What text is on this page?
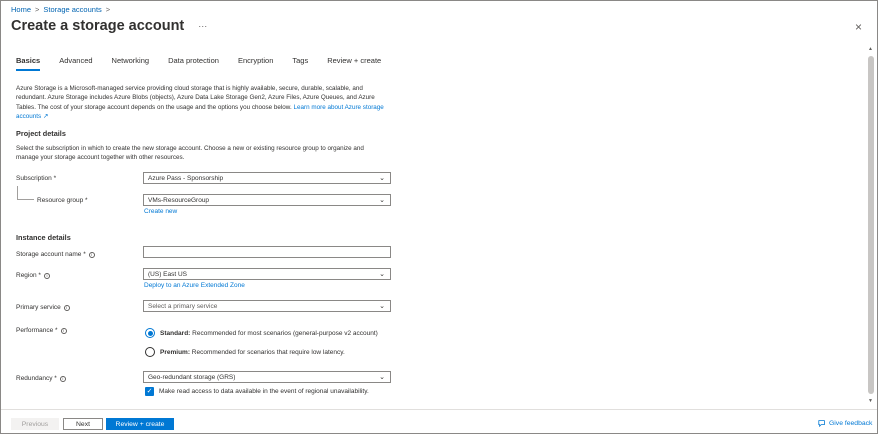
Home > Storage accounts >
Create a storage account ···	×
Basics	Advanced	Networking	Data protection	Encryption	Tags	Review + create
Azure Storage is a Microsoft-managed service providing cloud storage that is highly available, secure, durable, scalable, and redundant. Azure Storage includes Azure Blobs (objects), Azure Data Lake Storage Gen2, Azure Files, Azure Queues, and Azure Tables. The cost of your storage account depends on the usage and the options you choose below. Learn more about Azure storage accounts ↗
Project details
Select the subscription in which to create the new storage account. Choose a new or existing resource group to organize and manage your storage account together with other resources.
Subscription *	Azure Pass - Sponsorship	⌄
Resource group *	VMs-ResourceGroup	⌄
Create new
Instance details
Storage account name *	i
Region *	i	(US) East US	⌄
Deploy to an Azure Extended Zone
Primary service	i	Select a primary service	⌄
Performance *	i	Standard: Recommended for most scenarios (general-purpose v2 account)
Premium: Recommended for scenarios that require low latency.
Redundancy *	i	Geo-redundant storage (GRS)	⌄
✓ Make read access to data available in the event of regional unavailability.
▲
▼
Previous	Next	Review + create	Give feedback
